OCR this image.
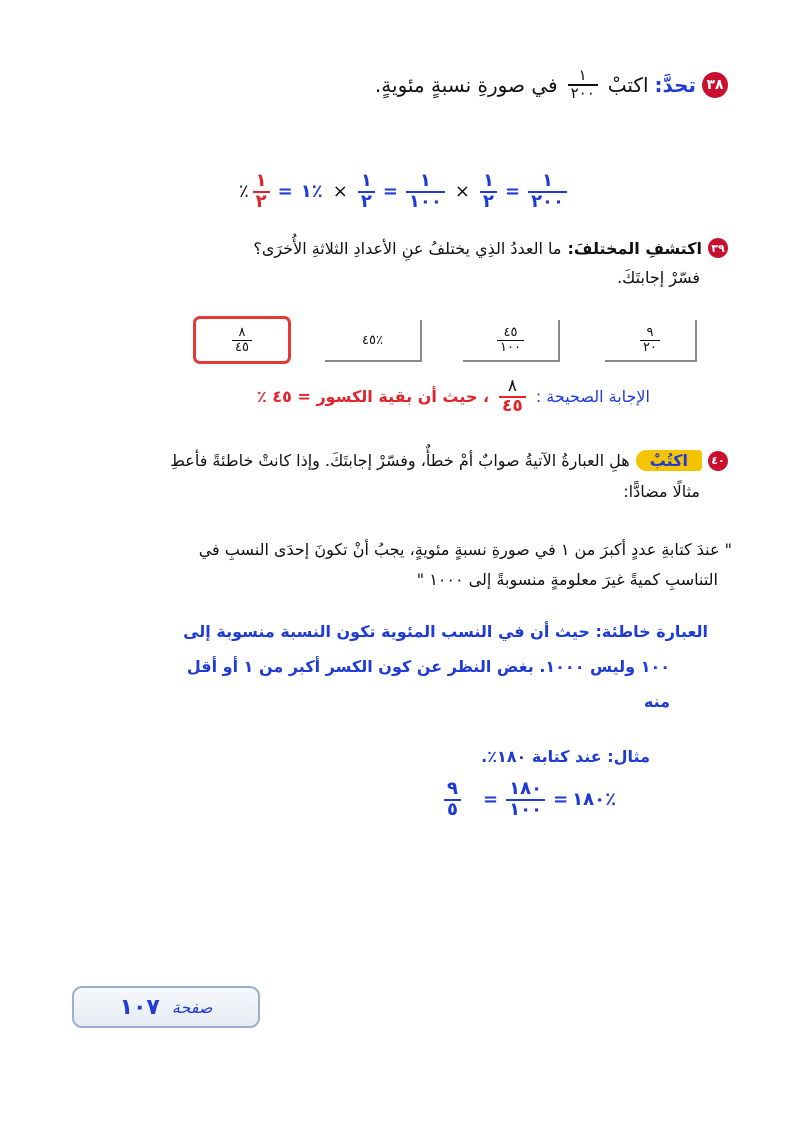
٣٨
تحدَّ:
اكتبْ
$\frac{١}{٢٠٠}$
في صورةِ نسبةٍ مئويةٍ.
٪ $\frac{١}{٢}$ = ١٪ × $\frac{١}{٢} = \frac{١}{١٠٠} \times \frac{١}{٢} = \frac{١}{٢٠٠}$
٣٩
اكتشفِ المختلفَ:
ما العددُ الذِي يختلفُ عنِ الأعدادِ الثلاثةِ الأُخرَى؟
فسّرْ إجابتَكَ.
$\frac{٩}{٢٠}$
$\frac{٤٥}{١٠٠}$
٤٥٪
$\frac{٨}{٤٥}$
الإجابة الصحيحة :
$\frac{٨}{٤٥}$
، حيث أن بقية الكسور = ٤٥ ٪
٤٠
اكتُبْ
هلِ العبارةُ الآتيةُ صوابٌ أمْ خطأٌ، وفسّرْ إجابتَكَ. وإذا كانتْ خاطئةً فأعطِ
مثالًا مضادًّا:
" عندَ كتابةِ عددٍ أكبرَ من ١ في صورةِ نسبةٍ مئويةٍ، يجبُ أنْ تكونَ إحدَى النسبِ في
التناسبِ كميةً غيرَ معلومةٍ منسوبةً إلى ١٠٠٠ "
العبارة خاطئة: حيث أن في النسب المئوية تكون النسبة منسوبة إلى
١٠٠ وليس ١٠٠٠. بغض النظر عن كون الكسر أكبر من ١ أو أقل
منه
مثال: عند كتابة ١٨٠٪.
$\frac{٩}{٥} = \frac{١٨٠}{١٠٠}$ = ١٨٠٪
صفحة
١٠٧
